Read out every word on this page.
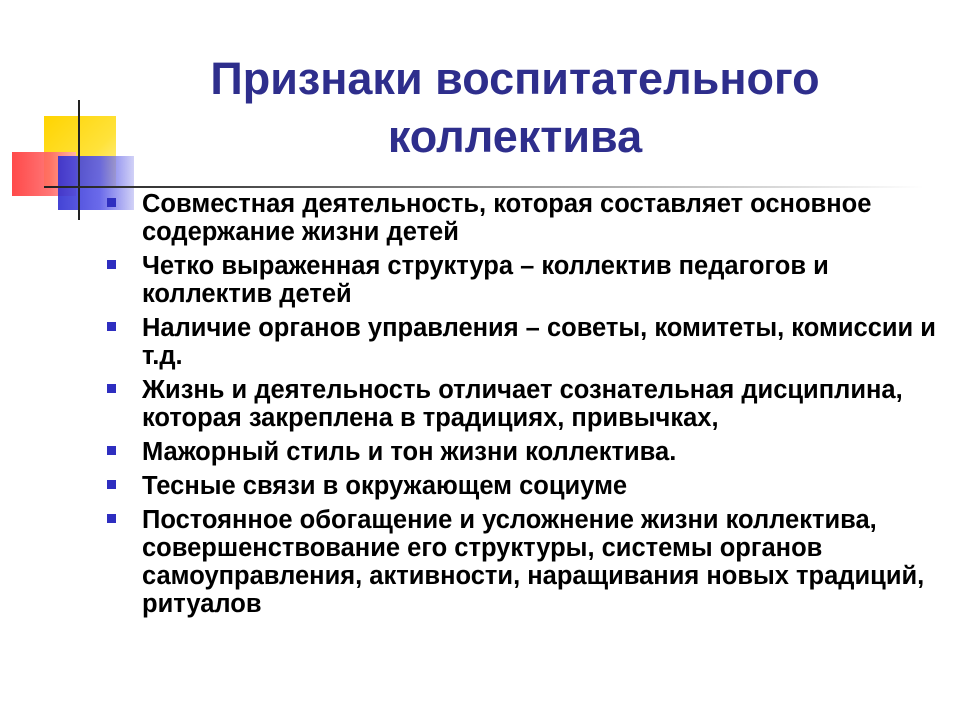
Признаки воспитательного коллектива
Совместная деятельность, которая составляет основное содержание жизни детей
Четко выраженная структура – коллектив педагогов и коллектив детей
Наличие органов управления – советы, комитеты, комиссии и т.д.
Жизнь и деятельность отличает сознательная дисциплина, которая закреплена в традициях, привычках,
Мажорный стиль и тон жизни коллектива.
Тесные связи в окружающем социуме
Постоянное обогащение и усложнение жизни коллектива, совершенствование его структуры, системы органов самоуправления, активности, наращивания новых традиций, ритуалов
